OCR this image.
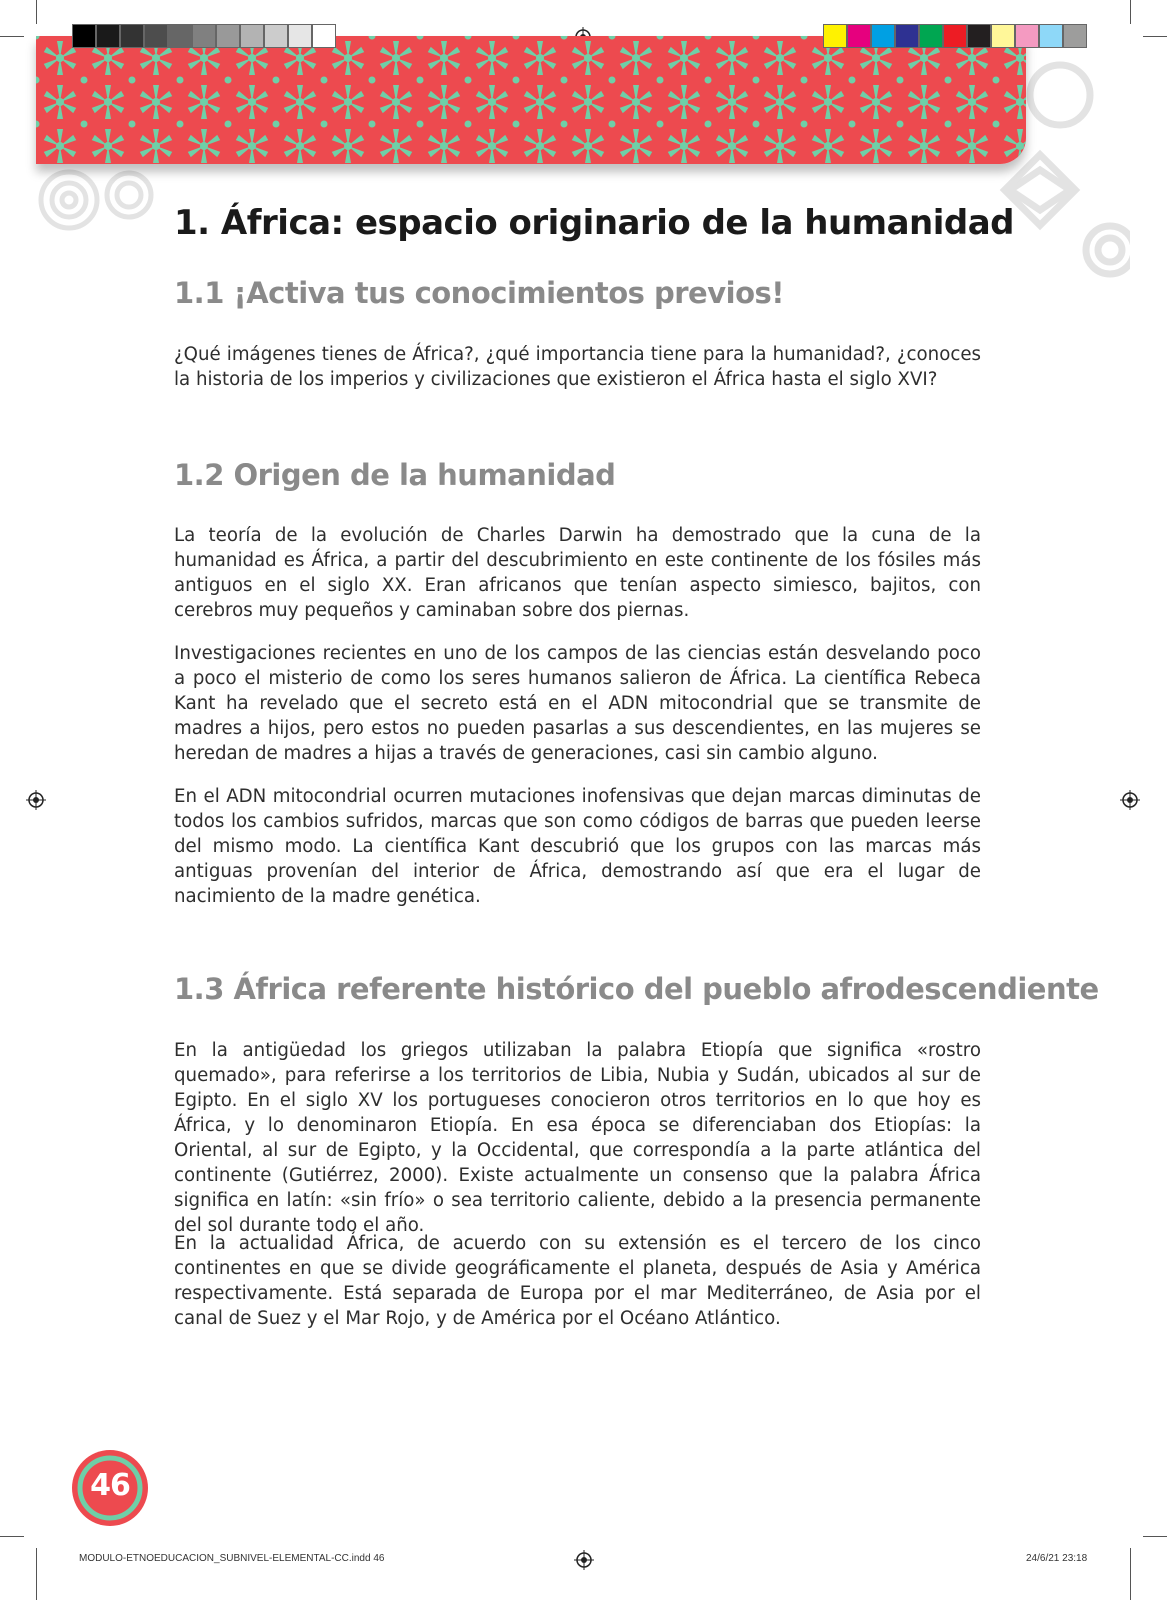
1. África: espacio originario de la humanidad
1.1 ¡Activa tus conocimientos previos!

¿Qué imágenes tienes de África?, ¿qué importancia tiene para la humanidad?, ¿conoces la historia de los imperios y civilizaciones que existieron el África hasta el siglo XVI?

1.2 Origen de la humanidad

La teoría de la evolución de Charles Darwin ha demostrado que la cuna de la humanidad es África, a partir del descubrimiento en este continente de los fósiles más antiguos en el siglo XX. Eran africanos que tenían aspecto simiesco, bajitos, con cerebros muy pequeños y caminaban sobre dos piernas.

Investigaciones recientes en uno de los campos de las ciencias están desvelando poco a poco el misterio de como los seres humanos salieron de África. La científica Rebeca Kant ha revelado que el secreto está en el ADN mitocondrial que se transmite de madres a hijos, pero estos no pueden pasarlas a sus descendientes, en las mujeres se heredan de madres a hijas a través de generaciones, casi sin cambio alguno.

En el ADN mitocondrial ocurren mutaciones inofensivas que dejan marcas diminutas de todos los cambios sufridos, marcas que son como códigos de barras que pueden leerse del mismo modo. La científica Kant descubrió que los grupos con las marcas más antiguas provenían del interior de África, demostrando así que era el lugar de nacimiento de la madre genética.

1.3 África referente histórico del pueblo afrodescendiente

En la antigüedad los griegos utilizaban la palabra Etiopía que significa «rostro quemado», para referirse a los territorios de Libia, Nubia y Sudán, ubicados al sur de Egipto. En el siglo XV los portugueses conocieron otros territorios en lo que hoy es África, y lo denominaron Etiopía. En esa época se diferenciaban dos Etiopías: la Oriental, al sur de Egipto, y la Occidental, que correspondía a la parte atlántica del continente (Gutiérrez, 2000). Existe actualmente un consenso que la palabra África significa en latín: «sin frío» o sea territorio caliente, debido a la presencia permanente del sol durante todo el año.

En la actualidad África, de acuerdo con su extensión es el tercero de los cinco continentes en que se divide geográficamente el planeta, después de Asia y América respectivamente. Está separada de Europa por el mar Mediterráneo, de Asia por el canal de Suez y el Mar Rojo, y de América por el Océano Atlántico.

46
MODULO-ETNOEDUCACION_SUBNIVEL-ELEMENTAL-CC.indd 46	24/6/21 23:18
